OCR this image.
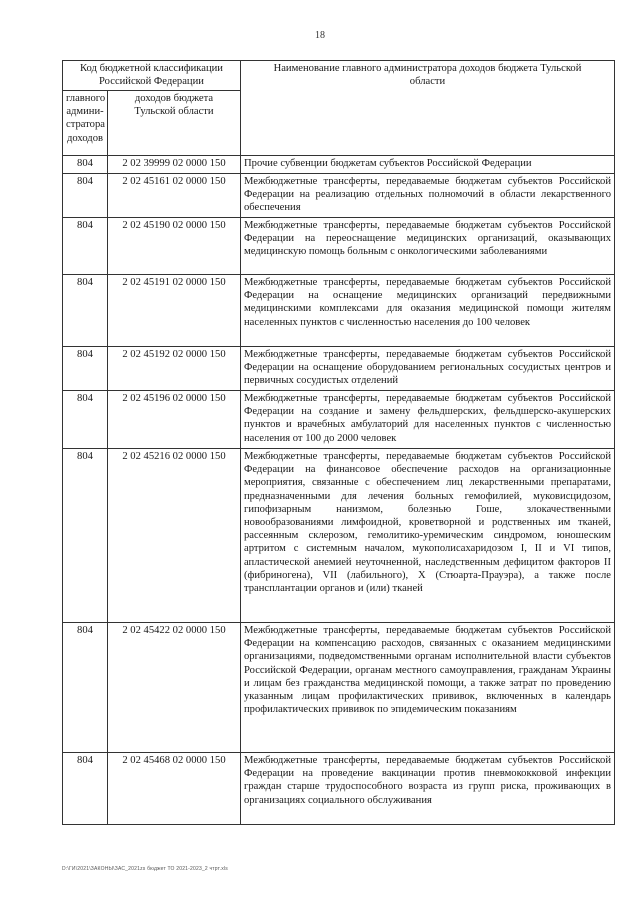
18
Код бюджетной классификации Российской Федерации		Наименование главного администратора доходов бюджета Тульской области
главного админи-стратора доходов	доходов бюджета Тульской области	
804	2 02 39999 02 0000 150	Прочие субвенции бюджетам субъектов Российской Федерации
804	2 02 45161 02 0000 150	Межбюджетные трансферты, передаваемые бюджетам субъектов Российской Федерации на реализацию отдельных полномочий в области лекарственного обеспечения
804	2 02 45190 02 0000 150	Межбюджетные трансферты, передаваемые бюджетам субъектов Российской Федерации на переоснащение медицинских организаций, оказывающих медицинскую помощь больным с онкологическими заболеваниями
804	2 02 45191 02 0000 150	Межбюджетные трансферты, передаваемые бюджетам субъектов Российской Федерации на оснащение медицинских организаций передвижными медицинскими комплексами для оказания медицинской помощи жителям населенных пунктов с численностью населения до 100 человек
804	2 02 45192 02 0000 150	Межбюджетные трансферты, передаваемые бюджетам субъектов Российской Федерации на оснащение оборудованием региональных сосудистых центров и первичных сосудистых отделений
804	2 02 45196 02 0000 150	Межбюджетные трансферты, передаваемые бюджетам субъектов Российской Федерации на создание и замену фельдшерских, фельдшерско-акушерских пунктов и врачебных амбулаторий для населенных пунктов с численностью населения от 100 до 2000 человек
804	2 02 45216 02 0000 150	Межбюджетные трансферты, передаваемые бюджетам субъектов Российской Федерации на финансовое обеспечение расходов на организационные мероприятия, связанные с обеспечением лиц лекарственными препаратами, предназначенными для лечения больных гемофилией, муковисцидозом, гипофизарным нанизмом, болезнью Гоше, злокачественными новообразованиями лимфоидной, кроветворной и родственных им тканей, рассеянным склерозом, гемолитико-уремическим синдромом, юношеским артритом с системным началом, мукополисахаридозом I, II и VI типов, апластической анемией неуточненной, наследственным дефицитом факторов II (фибриногена), VII (лабильного), X (Стюарта-Прауэра), а также после трансплантации органов и (или) тканей
804	2 02 45422 02 0000 150	Межбюджетные трансферты, передаваемые бюджетам субъектов Российской Федерации на компенсацию расходов, связанных с оказанием медицинскими организациями, подведомственными органам исполнительной власти субъектов Российской Федерации, органам местного самоуправления, гражданам Украины и лицам без гражданства медицинской помощи, а также затрат по проведению указанным лицам профилактических прививок, включенных в календарь профилактических прививок по эпидемическим показаниям
804	2 02 45468 02 0000 150	Межбюджетные трансферты, передаваемые бюджетам субъектов Российской Федерации на проведение вакцинации против пневмококковой инфекции граждан старше трудоспособного возраста из групп риска, проживающих в организациях социального обслуживания
D:\ГИ\2021\ЗАКОНЫ\ЗАС_2021zs бюджет ТО 2021-2023_2 чтрт.xls
